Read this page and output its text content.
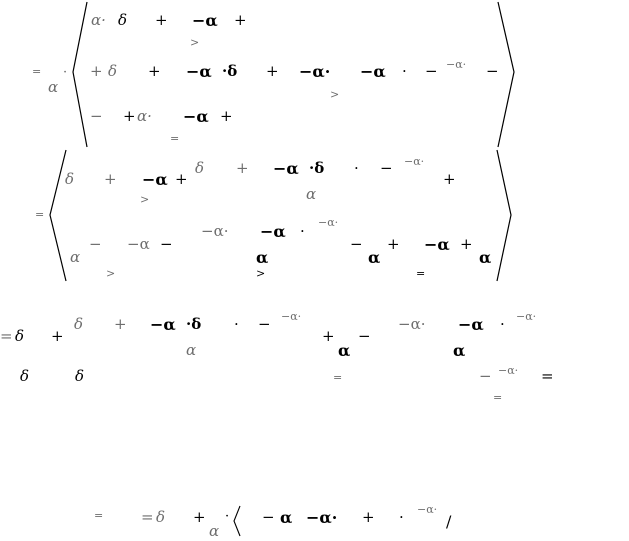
=
α
·
α· δ + −α +
>
+ δ + −α ·δ + −α· −α · − −α· −
>
− + α· −α +
=
=
δ + −α +
δ + −α ·δ · − −α·
+
>	α
α
− −α −
−α· −α · −α·
− + −α +
>
α
>
α
=
α
= δ +
δ + −α ·δ · − −α·	−α· −α · −α·
α
+ −
α	α
δ	δ	=	− −α· =
=
=	= δ +
α
· − α −α· + · −α·
/
